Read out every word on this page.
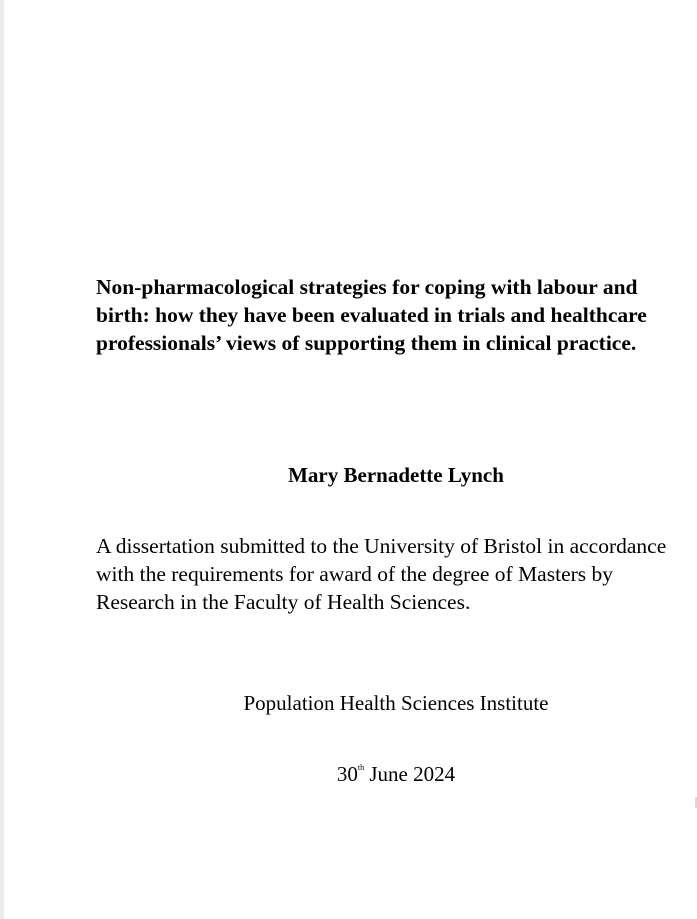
Non-pharmacological strategies for coping with labour and birth: how they have been evaluated in trials and healthcare professionals’ views of supporting them in clinical practice.

Mary Bernadette Lynch

A dissertation submitted to the University of Bristol in accordance with the requirements for award of the degree of Masters by Research in the Faculty of Health Sciences.

Population Health Sciences Institute

30th June 2024
